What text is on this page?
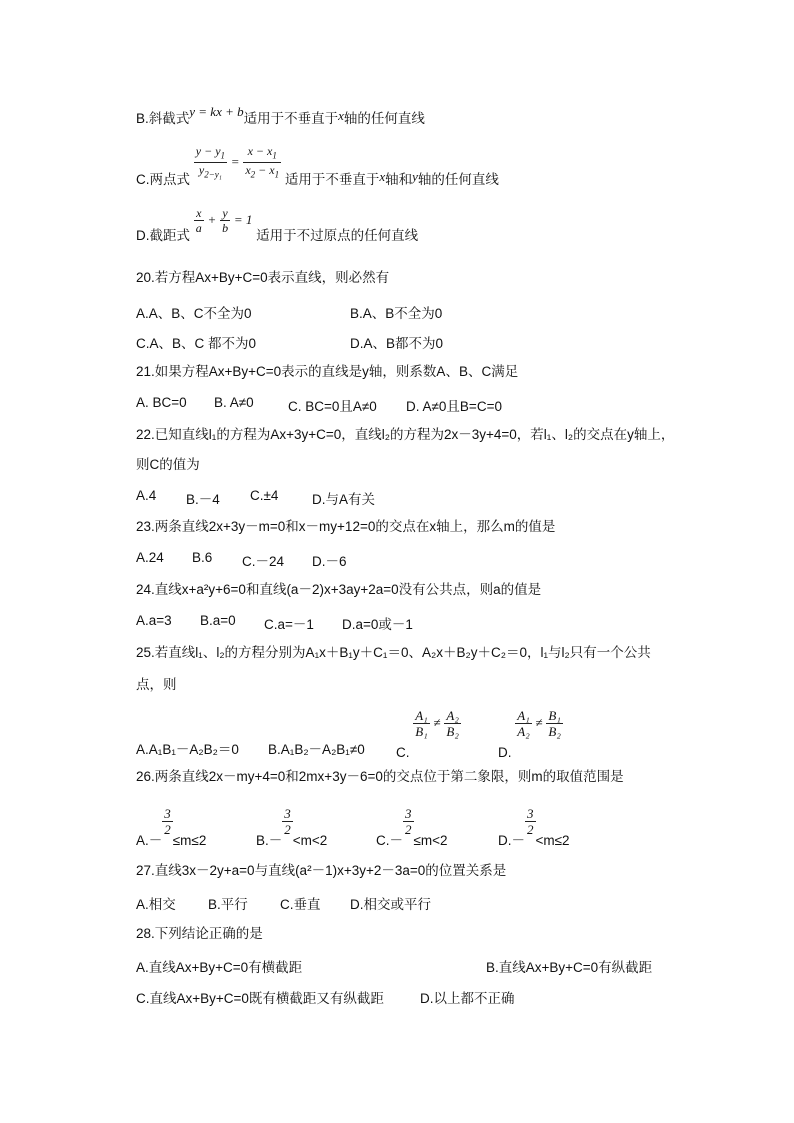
B.斜截式y = kx + b适用于不垂直于x轴的任何直线
C.两点式 $\frac{y - y_1}{y_{2-y_1}} = \frac{x - x_1}{x_2 - x_1}$ 适用于不垂直于x轴和y轴的任何直线
D.截距式
$\frac{x}{a} + \frac{y}{b} = 1$ 适用于不过原点的任何直线
20.若方程Ax+By+C=0表示直线，则必然有
A.A、B、C不全为0	B.A、B不全为0
C.A、B、C 都不为0	D.A、B都不为0
21.如果方程Ax+By+C=0表示的直线是y轴，则系数A、B、C满足
A. BC=0 B. A≠0	C. BC=0且A≠0 D. A≠0且B=C=0
22.已知直线l₁的方程为Ax+3y+C=0，直线l₂的方程为2x－3y+4=0，若l₁、l₂的交点在y轴上，
则C的值为
A.4 B.－4 C.±4 D.与A有关
23.两条直线2x+3y－m=0和x－my+12=0的交点在x轴上，那么m的值是
A.24 B.6 C.－24 D.－6
24.直线x+a²y+6=0和直线(a－2)x+3ay+2a=0没有公共点，则a的值是
A.a=3 B.a=0 C.a=－1 D.a=0或－1
25.若直线l₁、l₂的方程分别为A₁x＋B₁y＋C₁＝0、A₂x＋B₂y＋C₂＝0，l₁与l₂只有一个公共
点，则
A.A₁B₁－A₂B₂＝0 B.A₁B₂－A₂B₁≠0 C.
$\frac{\text{A₁}}{\text{B₁}} \ne \frac{\text{A₂}}{\text{B₂}}$
D.
$\frac{\text{A₁}}{\text{A₂}} \ne \frac{\text{B₁}}{\text{B₂}}$
26.两条直线2x－my+4=0和2mx+3y－6=0的交点位于第二象限，则m的取值范围是
A.－
$\frac{3}{2}$
≤m≤2	B.－
$\frac{3}{2}$
<m<2	C.－
$\frac{3}{2}$
≤m<2	D.－
$\frac{3}{2}$
<m≤2
27.直线3x－2y+a=0与直线(a²－1)x+3y+2－3a=0的位置关系是
A.相交 B.平行 C.垂直 D.相交或平行
28.下列结论正确的是
A.直线Ax+By+C=0有横截距	B.直线Ax+By+C=0有纵截距
C.直线Ax+By+C=0既有横截距又有纵截距	D.以上都不正确
